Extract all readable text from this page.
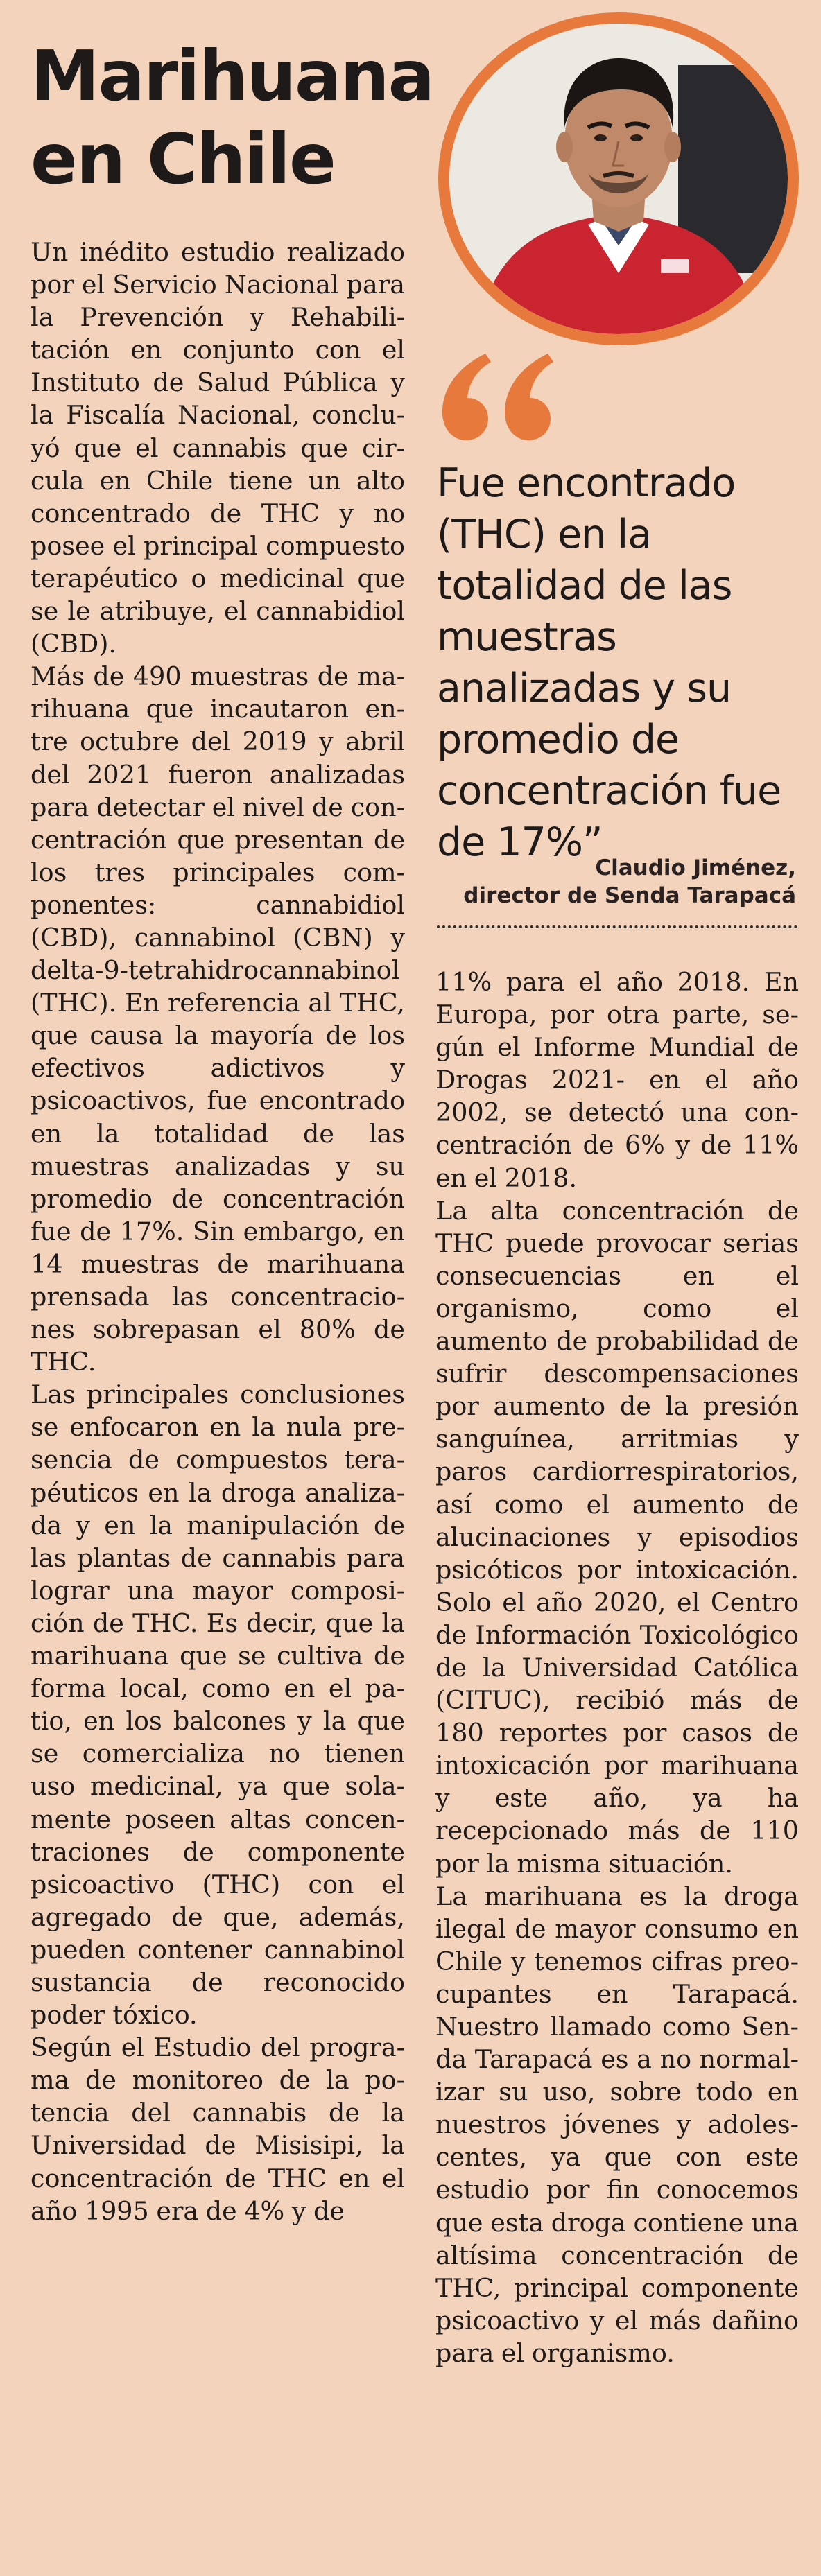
Marihuana
en Chile

Fue encontrado (THC) en la totalidad de las muestras analizadas y su promedio de concentración fue de 17%”

Claudio Jiménez,
director de Senda Tarapacá

Un inédito estudio realizado por el Servicio Nacional para la Prevención y Rehabilitación en conjunto con el Instituto de Salud Pública y la Fiscalía Nacional, concluyó que el cannabis que circula en Chile tiene un alto concentrado de THC y no posee el principal compuesto terapéutico o medicinal que se le atribuye, el cannabidiol (CBD).

Más de 490 muestras de marihuana que incautaron entre octubre del 2019 y abril del 2021 fueron analizadas para detectar el nivel de concentración que presentan de los tres principales componentes: cannabidiol (CBD), cannabinol (CBN) y delta-9-tetrahidrocannabinol (THC). En referencia al THC, que causa la mayoría de los efectivos adictivos y psicoactivos, fue encontrado en la totalidad de las muestras analizadas y su promedio de concentración fue de 17%. Sin embargo, en 14 muestras de marihuana prensada las concentraciones sobrepasan el 80% de THC.

Las principales conclusiones se enfocaron en la nula presencia de compuestos terapéuticos en la droga analizada y en la manipulación de las plantas de cannabis para lograr una mayor composición de THC. Es decir, que la marihuana que se cultiva de forma local, como en el patio, en los balcones y la que se comercializa no tienen uso medicinal, ya que solamente poseen altas concentraciones de componente psicoactivo (THC) con el agregado de que, además, pueden contener cannabinol sustancia de reconocido poder tóxico.

Según el Estudio del programa de monitoreo de la potencia del cannabis de la Universidad de Misisipi, la concentración de THC en el año 1995 era de 4% y de

11% para el año 2018. En Europa, por otra parte, según el Informe Mundial de Drogas 2021- en el año 2002, se detectó una concentración de 6% y de 11% en el 2018.

La alta concentración de THC puede provocar serias consecuencias en el organismo, como el aumento de probabilidad de sufrir descompensaciones por aumento de la presión sanguínea, arritmias y paros cardiorrespiratorios, así como el aumento de alucinaciones y episodios psicóticos por intoxicación. Solo el año 2020, el Centro de Información Toxicológico de la Universidad Católica (CITUC), recibió más de 180 reportes por casos de intoxicación por marihuana y este año, ya ha recepcionado más de 110 por la misma situación.

La marihuana es la droga ilegal de mayor consumo en Chile y tenemos cifras preocupantes en Tarapacá. Nuestro llamado como Senda Tarapacá es a no normalizar su uso, sobre todo en nuestros jóvenes y adolescentes, ya que con este estudio por fin conocemos que esta droga contiene una altísima concentración de THC, principal componente psicoactivo y el más dañino para el organismo.
